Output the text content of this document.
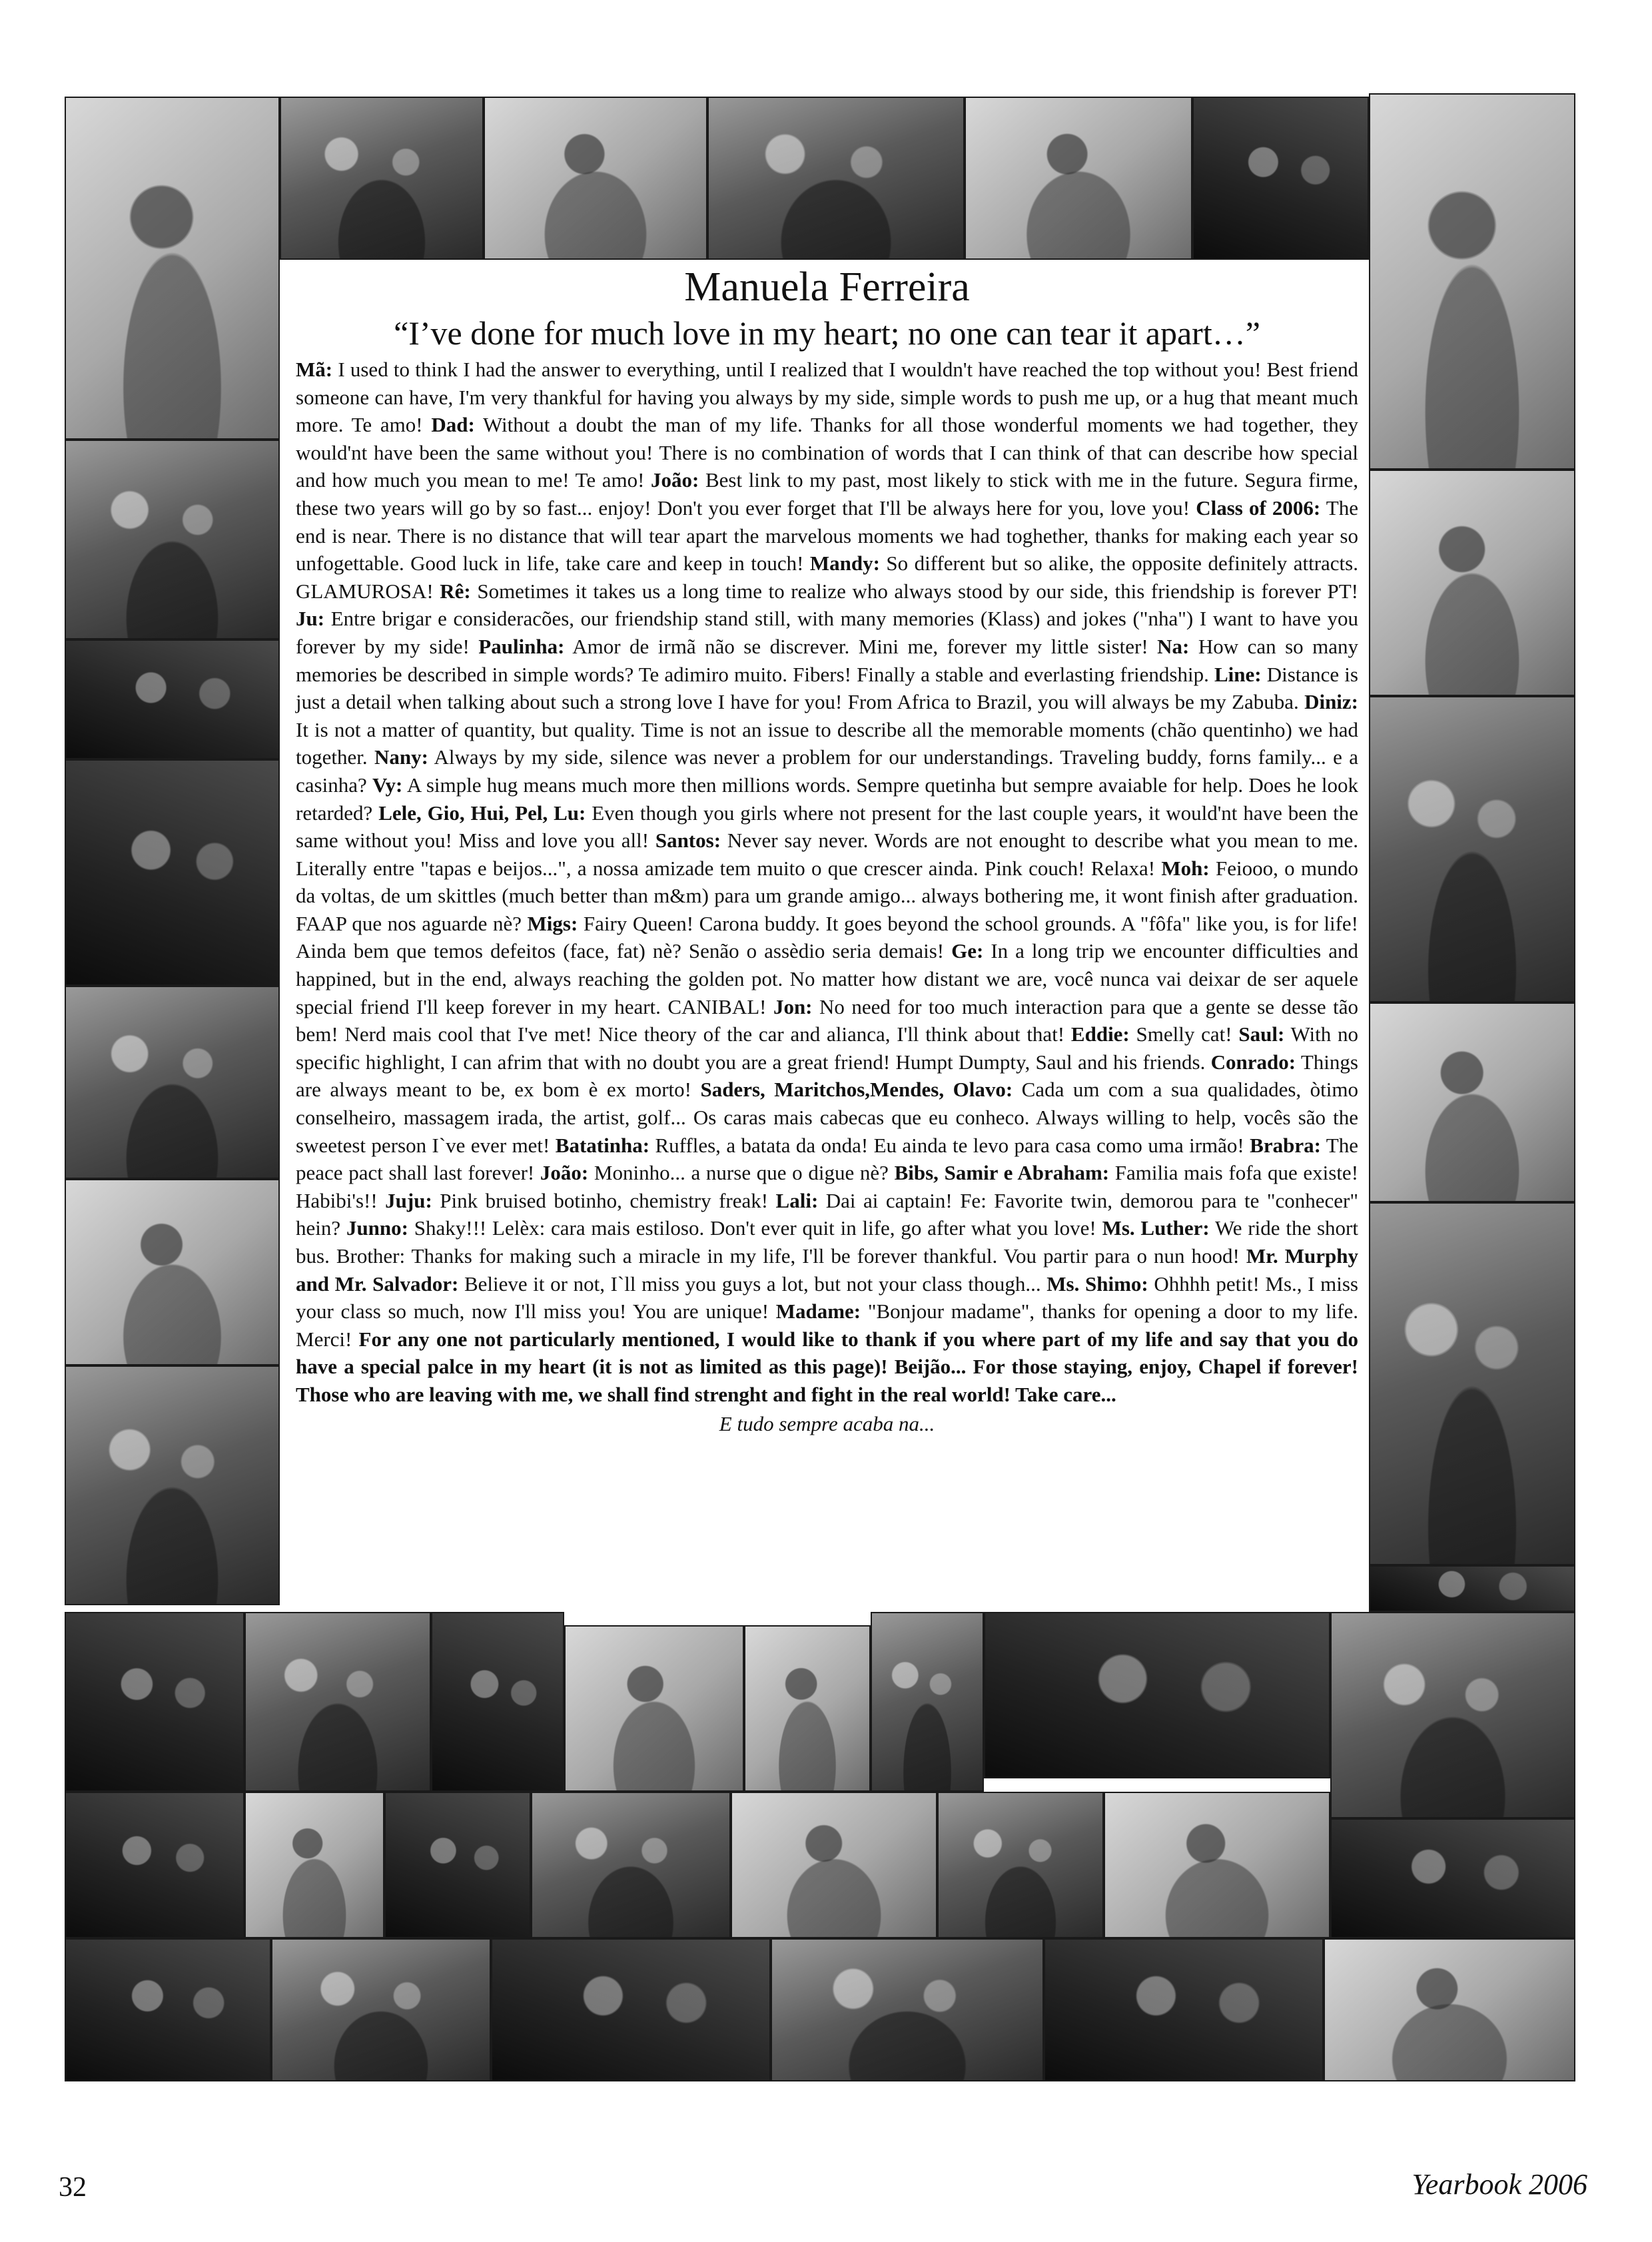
Manuela Ferreira
“I’ve done for much love in my heart; no one can tear it apart…”
Mã: I used to think I had the answer to everything, until I realized that I wouldn't have reached the top without you! Best friend someone can have, I'm very thankful for having you always by my side, simple words to push me up, or a hug that meant much more. Te amo! Dad: Without a doubt the man of my life. Thanks for all those wonderful moments we had together, they would'nt have been the same without you! There is no combination of words that I can think of that can describe how special and how much you mean to me! Te amo! João: Best link to my past, most likely to stick with me in the future. Segura firme, these two years will go by so fast... enjoy! Don't you ever forget that I'll be always here for you, love you! Class of 2006: The end is near. There is no distance that will tear apart the marvelous moments we had toghether, thanks for making each year so unfogettable. Good luck in life, take care and keep in touch! Mandy: So different but so alike, the opposite definitely attracts. GLAMUROSA! Rê: Sometimes it takes us a long time to realize who always stood by our side, this friendship is forever PT! Ju: Entre brigar e consideracões, our friendship stand still, with many memories (Klass) and jokes ("nha") I want to have you forever by my side! Paulinha: Amor de irmã não se discrever. Mini me, forever my little sister! Na: How can so many memories be described in simple words? Te adimiro muito. Fibers! Finally a stable and everlasting friendship. Line: Distance is just a detail when talking about such a strong love I have for you! From Africa to Brazil, you will always be my Zabuba. Diniz: It is not a matter of quantity, but quality. Time is not an issue to describe all the memorable moments (chão quentinho) we had together. Nany: Always by my side, silence was never a problem for our understandings. Traveling buddy, forns family... e a casinha? Vy: A simple hug means much more then millions words. Sempre quetinha but sempre avaiable for help. Does he look retarded? Lele, Gio, Hui, Pel, Lu: Even though you girls where not present for the last couple years, it would'nt have been the same without you! Miss and love you all! Santos: Never say never. Words are not enought to describe what you mean to me. Literally entre "tapas e beijos...", a nossa amizade tem muito o que crescer ainda. Pink couch! Relaxa! Moh: Feiooo, o mundo da voltas, de um skittles (much better than m&m) para um grande amigo... always bothering me, it wont finish after graduation. FAAP que nos aguarde nè? Migs: Fairy Queen! Carona buddy. It goes beyond the school grounds. A "fôfa" like you, is for life! Ainda bem que temos defeitos (face, fat) nè? Senão o assèdio seria demais! Ge: In a long trip we encounter difficulties and happined, but in the end, always reaching the golden pot. No matter how distant we are, você nunca vai deixar de ser aquele special friend I'll keep forever in my heart. CANIBAL! Jon: No need for too much interaction para que a gente se desse tão bem! Nerd mais cool that I've met! Nice theory of the car and alianca, I'll think about that! Eddie: Smelly cat! Saul: With no specific highlight, I can afrim that with no doubt you are a great friend! Humpt Dumpty, Saul and his friends. Conrado: Things are always meant to be, ex bom è ex morto! Saders, Maritchos,Mendes, Olavo: Cada um com a sua qualidades, òtimo conselheiro, massagem irada, the artist, golf... Os caras mais cabecas que eu conheco. Always willing to help, vocês são the sweetest person I`ve ever met! Batatinha: Ruffles, a batata da onda! Eu ainda te levo para casa como uma irmão! Brabra: The peace pact shall last forever! João: Moninho... a nurse que o digue nè? Bibs, Samir e Abraham: Familia mais fofa que existe! Habibi's!! Juju: Pink bruised botinho, chemistry freak! Lali: Dai ai captain! Fe: Favorite twin, demorou para te "conhecer" hein? Junno: Shaky!!! Lelèx: cara mais estiloso. Don't ever quit in life, go after what you love! Ms. Luther: We ride the short bus. Brother: Thanks for making such a miracle in my life, I'll be forever thankful. Vou partir para o nun hood! Mr. Murphy and Mr. Salvador: Believe it or not, I`ll miss you guys a lot, but not your class though... Ms. Shimo: Ohhhh petit! Ms., I miss your class so much, now I'll miss you! You are unique! Madame: "Bonjour madame", thanks for opening a door to my life. Merci! For any one not particularly mentioned, I would like to thank if you where part of my life and say that you do have a special palce in my heart (it is not as limited as this page)! Beijão... For those staying, enjoy, Chapel if forever! Those who are leaving with me, we shall find strenght and fight in the real world! Take care...
E tudo sempre acaba na...
32	Yearbook 2006
